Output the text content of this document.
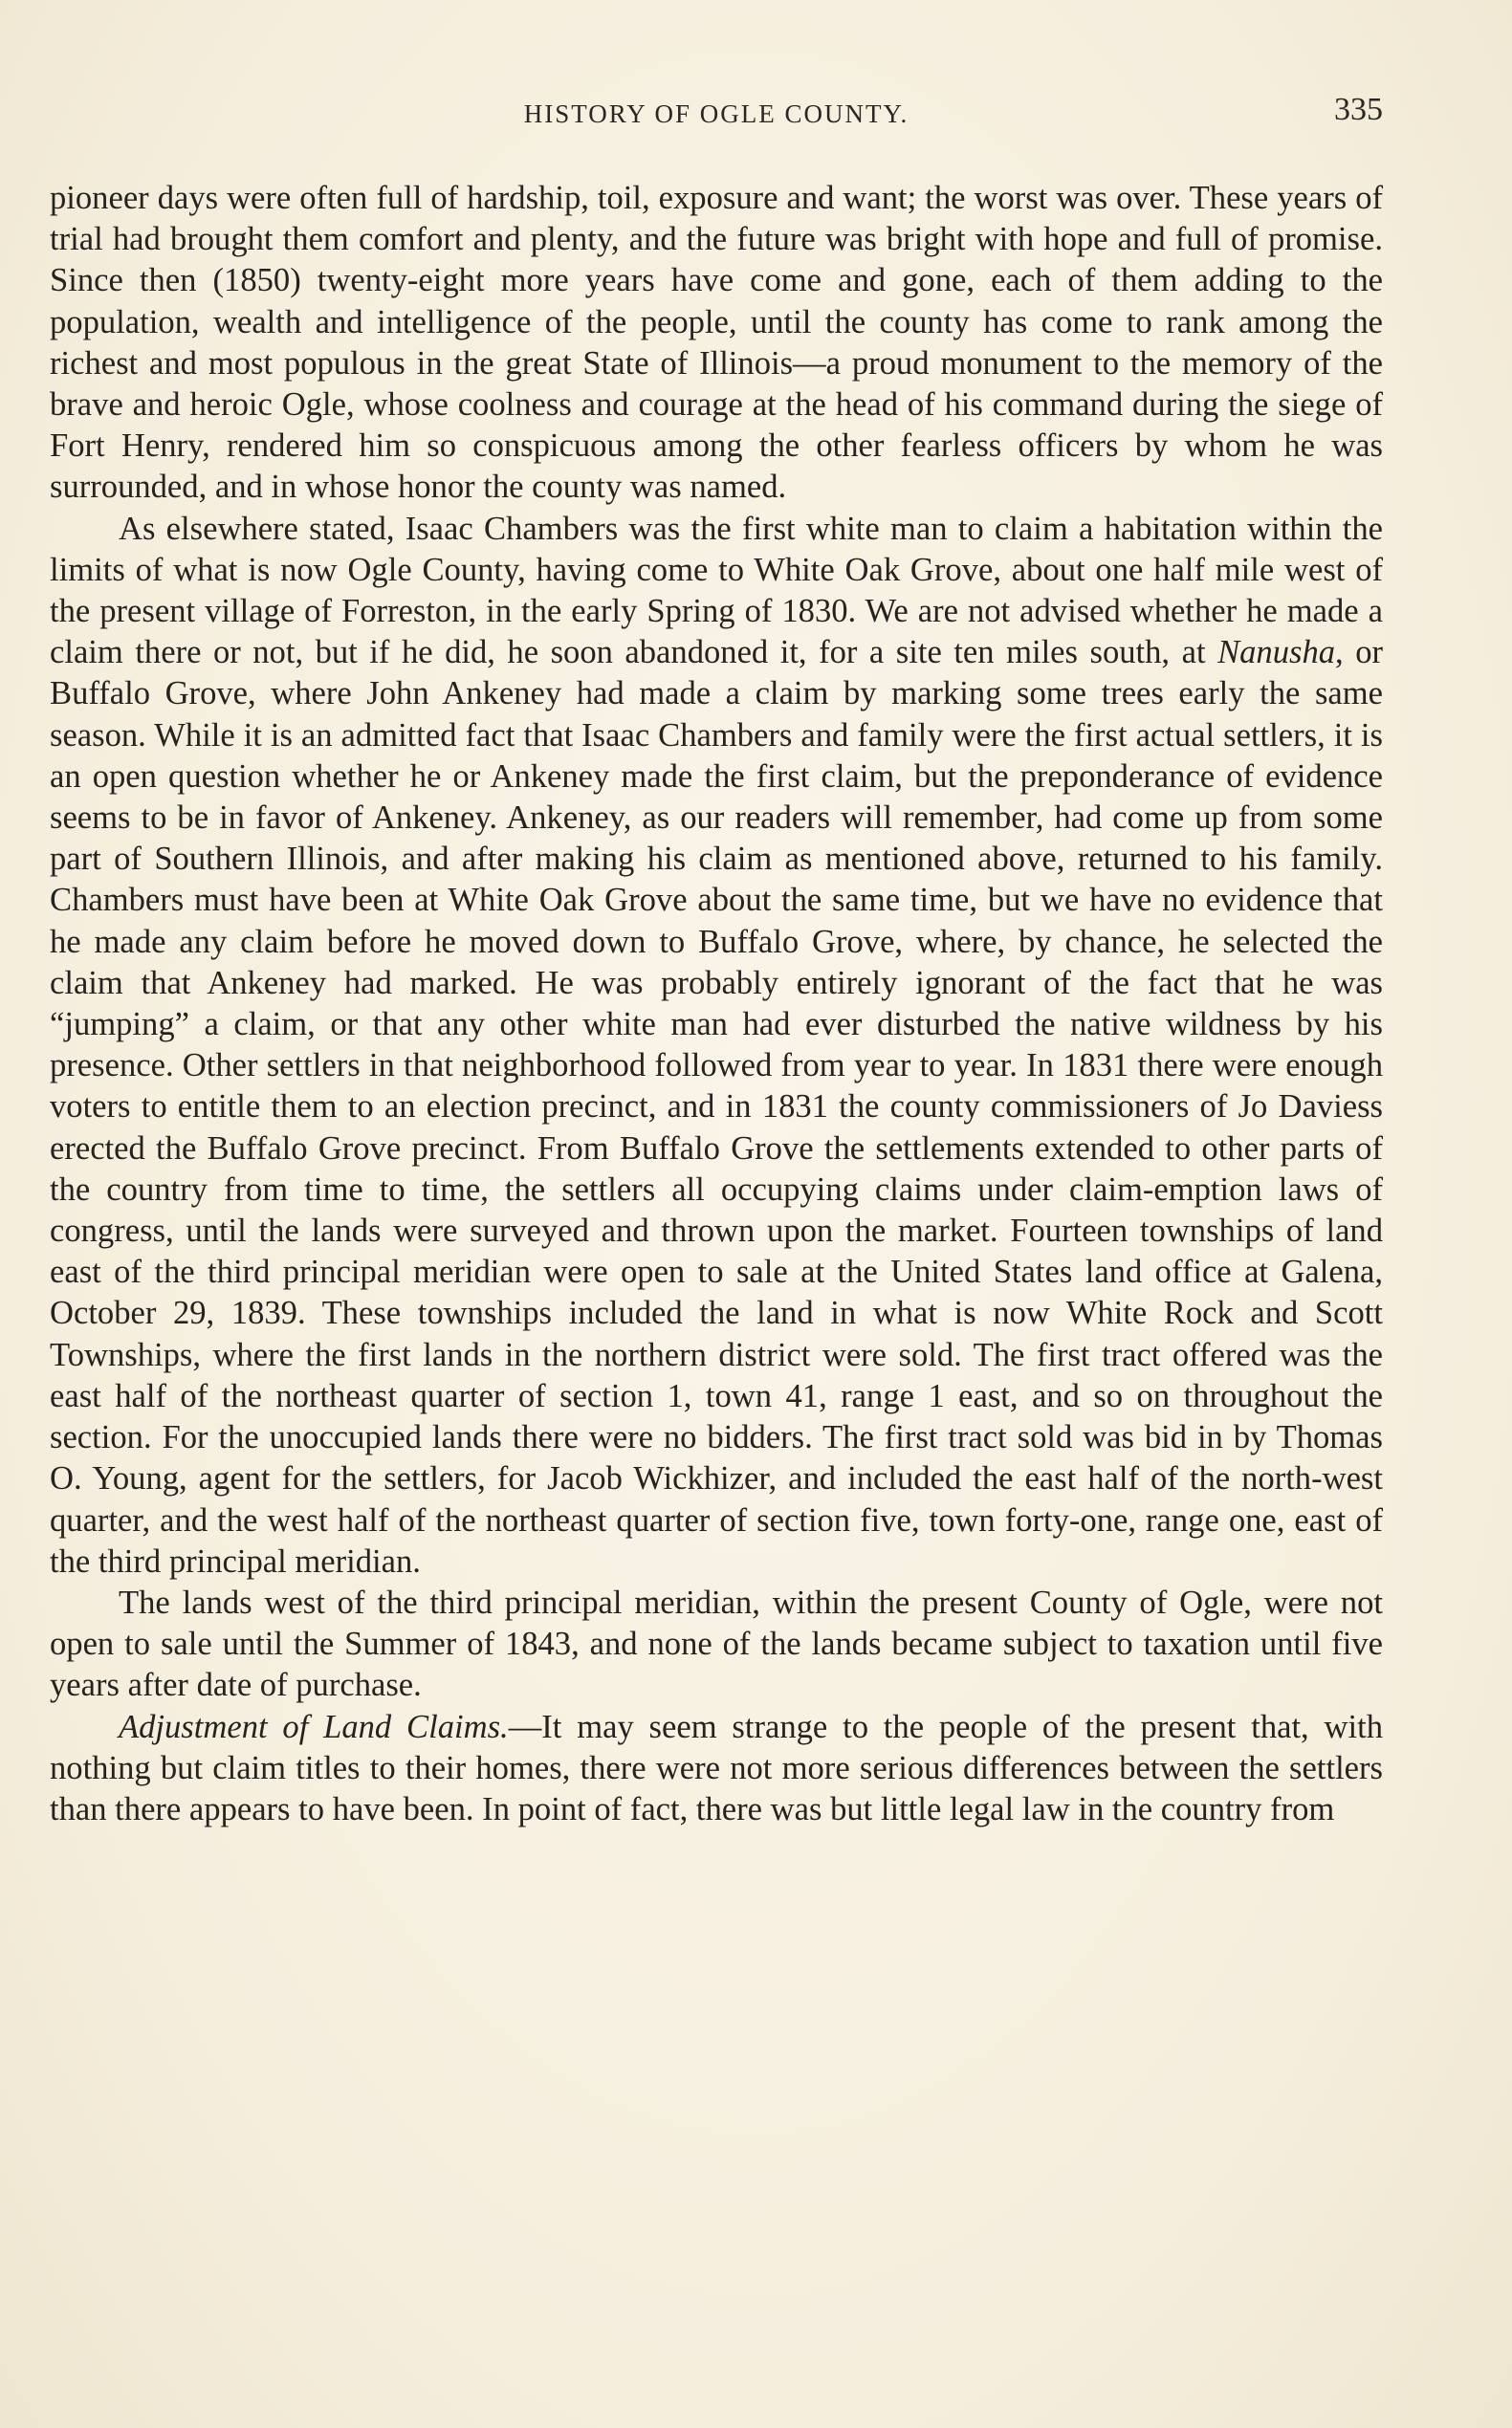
HISTORY OF OGLE COUNTY.	335

pioneer days were often full of hardship, toil, exposure and want; the worst was over. These years of trial had brought them comfort and plenty, and the future was bright with hope and full of promise. Since then (1850) twenty-eight more years have come and gone, each of them adding to the population, wealth and intelligence of the people, until the county has come to rank among the richest and most populous in the great State of Illinois—a proud monument to the memory of the brave and heroic Ogle, whose coolness and courage at the head of his command during the siege of Fort Henry, rendered him so conspicuous among the other fearless officers by whom he was surrounded, and in whose honor the county was named.

As elsewhere stated, Isaac Chambers was the first white man to claim a habitation within the limits of what is now Ogle County, having come to White Oak Grove, about one half mile west of the present village of Forreston, in the early Spring of 1830. We are not advised whether he made a claim there or not, but if he did, he soon abandoned it, for a site ten miles south, at Nanusha, or Buffalo Grove, where John Ankeney had made a claim by marking some trees early the same season. While it is an admitted fact that Isaac Chambers and family were the first actual settlers, it is an open question whether he or Ankeney made the first claim, but the preponderance of evidence seems to be in favor of Ankeney. Ankeney, as our readers will remember, had come up from some part of Southern Illinois, and after making his claim as mentioned above, returned to his family. Chambers must have been at White Oak Grove about the same time, but we have no evidence that he made any claim before he moved down to Buffalo Grove, where, by chance, he selected the claim that Ankeney had marked. He was probably entirely ignorant of the fact that he was “jumping” a claim, or that any other white man had ever disturbed the native wildness by his presence. Other settlers in that neighborhood followed from year to year. In 1831 there were enough voters to entitle them to an election precinct, and in 1831 the county commissioners of Jo Daviess erected the Buffalo Grove precinct. From Buffalo Grove the settlements extended to other parts of the country from time to time, the settlers all occupying claims under claim-emption laws of congress, until the lands were surveyed and thrown upon the market. Fourteen townships of land east of the third principal meridian were open to sale at the United States land office at Galena, October 29, 1839. These townships included the land in what is now White Rock and Scott Townships, where the first lands in the northern district were sold. The first tract offered was the east half of the northeast quarter of section 1, town 41, range 1 east, and so on throughout the section. For the unoccupied lands there were no bidders. The first tract sold was bid in by Thomas O. Young, agent for the settlers, for Jacob Wickhizer, and included the east half of the north-west quarter, and the west half of the northeast quarter of section five, town forty-one, range one, east of the third principal meridian.

The lands west of the third principal meridian, within the present County of Ogle, were not open to sale until the Summer of 1843, and none of the lands became subject to taxation until five years after date of purchase.

Adjustment of Land Claims.—It may seem strange to the people of the present that, with nothing but claim titles to their homes, there were not more serious differences between the settlers than there appears to have been. In point of fact, there was but little legal law in the country from
